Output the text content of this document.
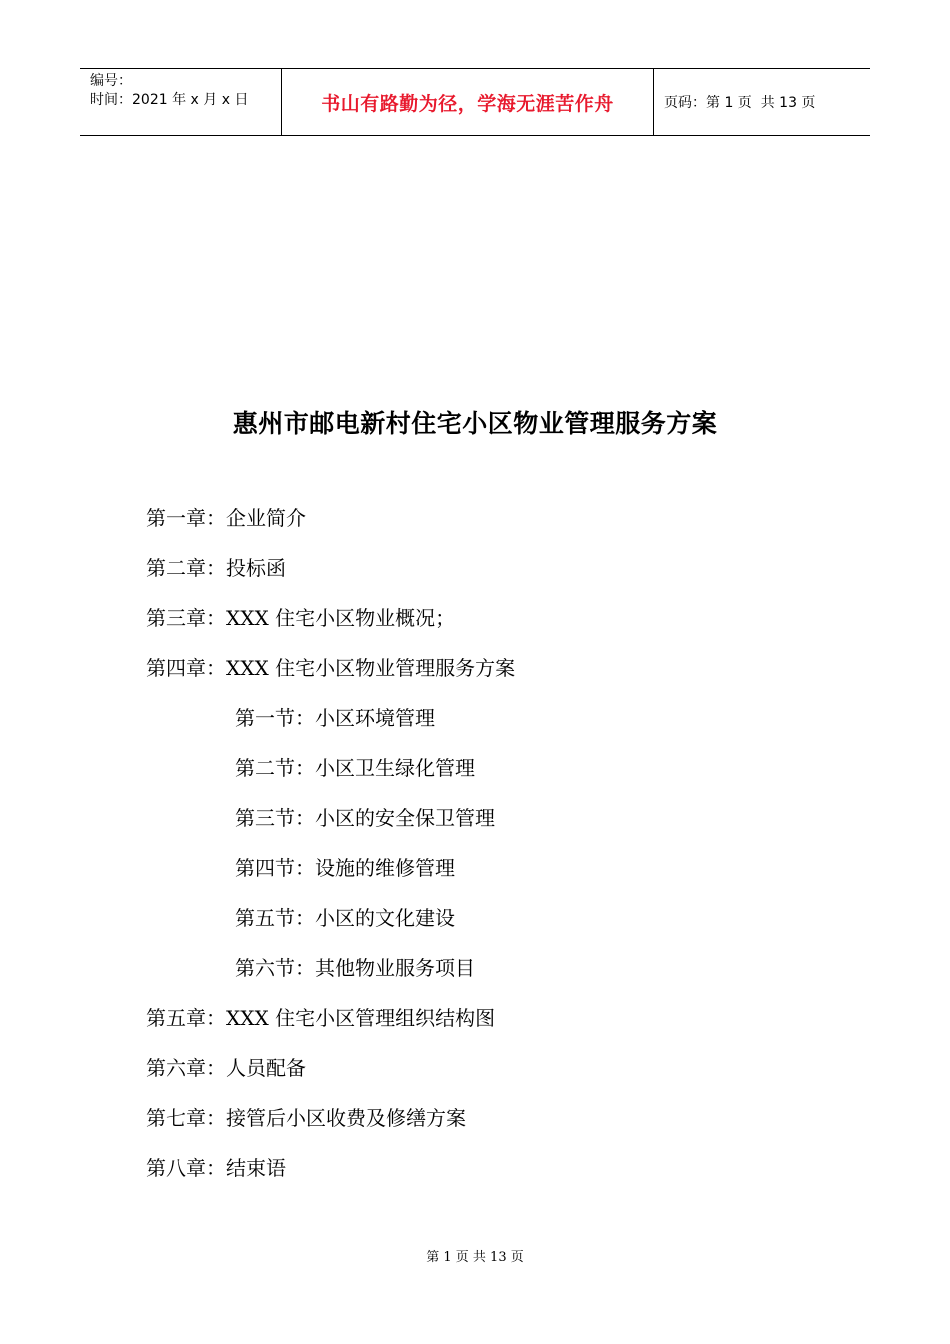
编号：
时间：2021 年 x 月 x 日	书山有路勤为径，学海无涯苦作舟	页码：第 1 页  共 13 页
惠州市邮电新村住宅小区物业管理服务方案
第一章：企业简介
第二章：投标函
第三章：XXX 住宅小区物业概况；
第四章：XXX 住宅小区物业管理服务方案
第一节：小区环境管理
第二节：小区卫生绿化管理
第三节：小区的安全保卫管理
第四节：设施的维修管理
第五节：小区的文化建设
第六节：其他物业服务项目
第五章：XXX 住宅小区管理组织结构图
第六章：人员配备
第七章：接管后小区收费及修缮方案
第八章：结束语
第 1 页 共 13 页
